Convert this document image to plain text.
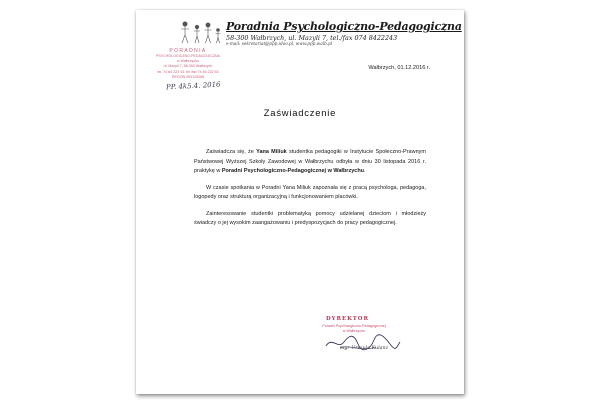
Poradnia Psychologiczno-Pedagogiczna
58-300 Wałbrzych, ul. Mazyli 7, tel./fax 074 8422243
e-mail: sekretariat@ppp.idoo.pl, www.ppp.walb.pl
PORADNIA
PSYCHOLOGICZNO-PEDAGOGICZNA
w Wałbrzychu
ul. Mazyli 7, 58-300 Wałbrzych
tel. 74 84 222 43, tel./fax 74 84 222 63
REGON 000125286
PP. 4k5.4. 2016
Wałbrzych, 01.12.2016 r.
Zaświadczenie

Zaświadcza się, że Yana Miliuk studentka pedagogiki w Instytucie Społeczno-Prawnym Państwowej Wyższej Szkoły Zawodowej w Wałbrzychu odbyła w dniu 30 listopada 2016 r. praktykę w Poradni Psychologiczno-Pedagogicznej w Wałbrzychu.

W czasie spotkania w Poradni Yana Miliuk zapoznała się z pracą psychologa, pedagoga, logopedy oraz strukturą organizacyjną i funkcjonowaniem placówki.

Zainteresowanie studentki problematyką pomocy udzielanej dzieciom i młodzieży świadczy o jej wysokim zaangażowaniu i predyspozycjach do pracy pedagogicznej.

DYREKTOR
Poradni Psychologiczno-Pedagogicznej
w Wałbrzychu
mgr Urszula Kulanz
